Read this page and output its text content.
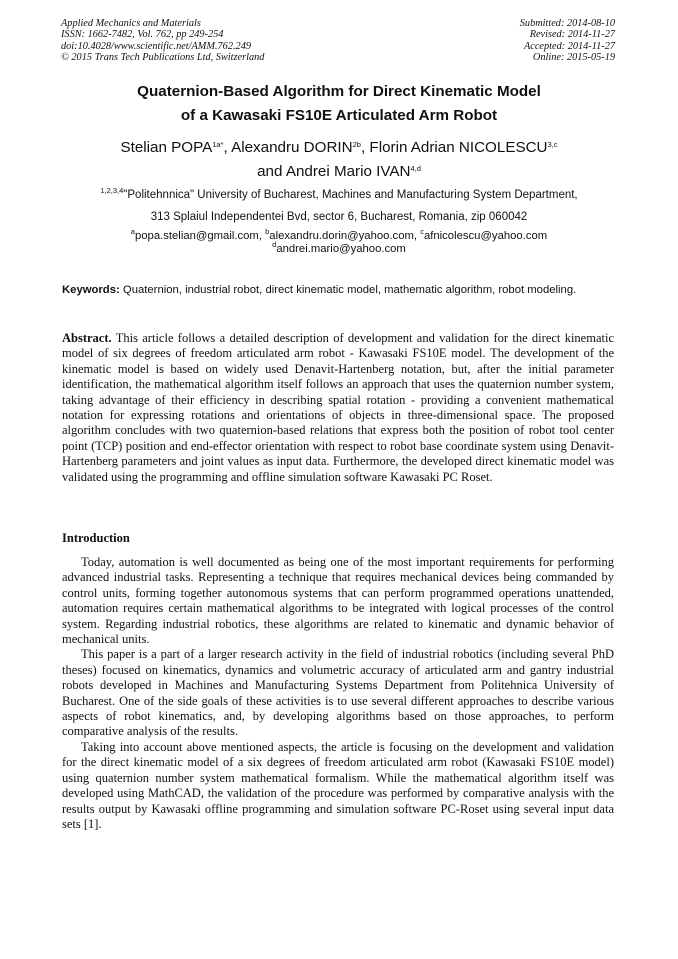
Applied Mechanics and Materials
ISSN: 1662-7482, Vol. 762, pp 249-254
doi:10.4028/www.scientific.net/AMM.762.249
© 2015 Trans Tech Publications Ltd, Switzerland
Submitted: 2014-08-10
Revised: 2014-11-27
Accepted: 2014-11-27
Online: 2015-05-19
Quaternion-Based Algorithm for Direct Kinematic Model
of a Kawasaki FS10E Articulated Arm Robot
Stelian $POPA^{1a*}$, Alexandru $DORIN^{2b}$, Florin Adrian NICOLESCU$^{3,c}$
and Andrei Mario IVAN$^{4,d}$
$^{1,2,3,4}$"Politehnnica" University of Bucharest, Machines and Manufacturing System Department,
313 Splaiul Independentei Bvd, sector 6, Bucharest, Romania, zip 060042
$^a$popa.stelian@gmail.com, $^b$alexandru.dorin@yahoo.com, $^c$afnicolescu@yahoo.com
$^d$andrei.mario@yahoo.com
Keywords: Quaternion, industrial robot, direct kinematic model, mathematic algorithm, robot modeling.
Abstract. This article follows a detailed description of development and validation for the direct kinematic model of six degrees of freedom articulated arm robot - Kawasaki FS10E model. The development of the kinematic model is based on widely used Denavit-Hartenberg notation, but, after the initial parameter identification, the mathematical algorithm itself follows an approach that uses the quaternion number system, taking advantage of their efficiency in describing spatial rotation - providing a convenient mathematical notation for expressing rotations and orientations of objects in three-dimensional space. The proposed algorithm concludes with two quaternion-based relations that express both the position of robot tool center point (TCP) position and end-effector orientation with respect to robot base coordinate system using Denavit-Hartenberg parameters and joint values as input data. Furthermore, the developed direct kinematic model was validated using the programming and offline simulation software Kawasaki PC Roset.
Introduction

Today, automation is well documented as being one of the most important requirements for performing advanced industrial tasks. Representing a technique that requires mechanical devices being commanded by control units, forming together autonomous systems that can perform programmed operations unattended, automation requires certain mathematical algorithms to be integrated with logical processes of the control system. Regarding industrial robotics, these algorithms are related to kinematic and dynamic behavior of mechanical units.

This paper is a part of a larger research activity in the field of industrial robotics (including several PhD theses) focused on kinematics, dynamics and volumetric accuracy of articulated arm and gantry industrial robots developed in Machines and Manufacturing Systems Department from Politehnica University of Bucharest. One of the side goals of these activities is to use several different approaches to describe various aspects of robot kinematics, and, by developing algorithms based on those approaches, to perform comparative analysis of the results.

Taking into account above mentioned aspects, the article is focusing on the development and validation for the direct kinematic model of a six degrees of freedom articulated arm robot (Kawasaki FS10E model) using quaternion number system mathematical formalism. While the mathematical algorithm itself was developed using MathCAD, the validation of the procedure was performed by comparative analysis with the results output by Kawasaki offline programming and simulation software PC-Roset using several input data sets [1].
